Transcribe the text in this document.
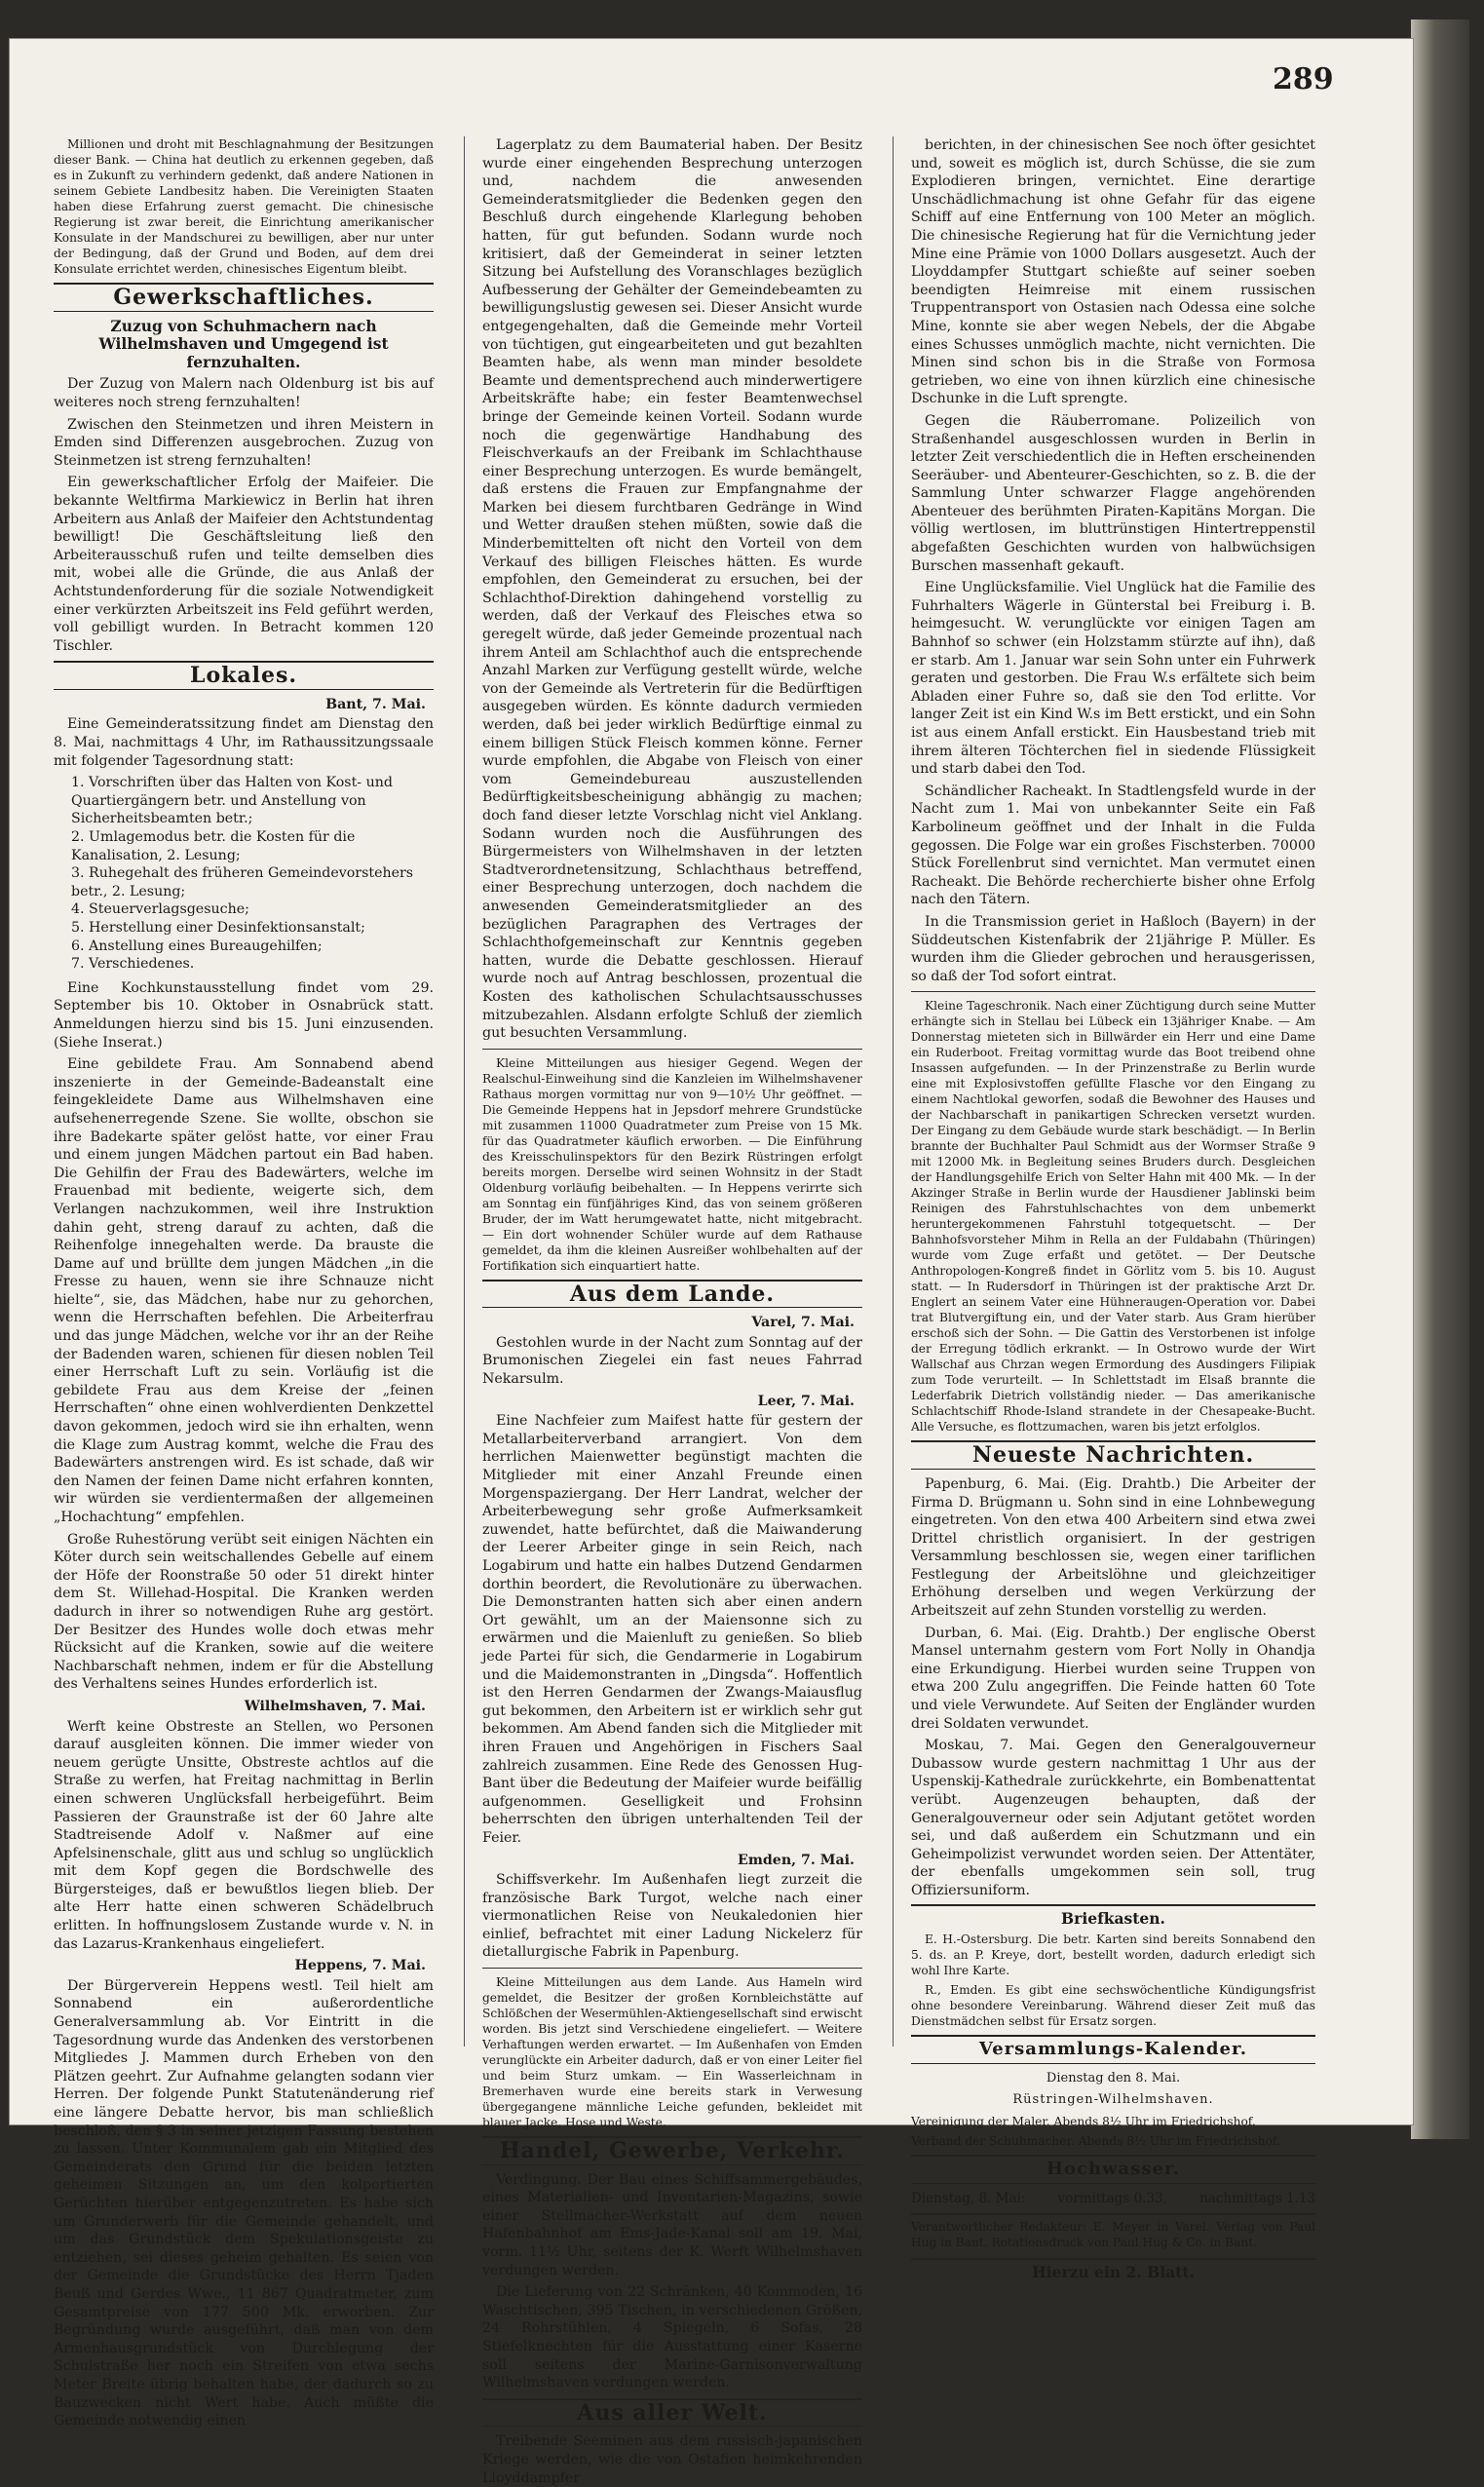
289

Millionen und droht mit Beschlagnahmung der Besitzungen dieser Bank. — China hat deutlich zu erkennen gegeben, daß es in Zukunft zu verhindern gedenkt, daß andere Nationen in seinem Gebiete Landbesitz haben. Die Vereinigten Staaten haben diese Erfahrung zuerst gemacht. Die chinesische Regierung ist zwar bereit, die Einrichtung amerikanischer Konsulate in der Mandschurei zu bewilligen, aber nur unter der Bedingung, daß der Grund und Boden, auf dem drei Konsulate errichtet werden, chinesisches Eigentum bleibt.

Gewerkschaftliches.
Zuzug von Schuhmachern nach Wilhelmshaven und Umgegend ist fernzuhalten.

Der Zuzug von Malern nach Oldenburg ist bis auf weiteres noch streng fernzuhalten!

Zwischen den Steinmetzen und ihren Meistern in Emden sind Differenzen ausgebrochen. Zuzug von Steinmetzen ist streng fernzuhalten!

Ein gewerkschaftlicher Erfolg der Maifeier. Die bekannte Weltfirma Markiewicz in Berlin hat ihren Arbeitern aus Anlaß der Maifeier den Achtstundentag bewilligt! Die Geschäftsleitung ließ den Arbeiterausschuß rufen und teilte demselben dies mit, wobei alle die Gründe, die aus Anlaß der Achtstundenforderung für die soziale Notwendigkeit einer verkürzten Arbeitszeit ins Feld geführt werden, voll gebilligt wurden. In Betracht kommen 120 Tischler.

Lokales.
Bant, 7. Mai.

Eine Gemeinderatssitzung findet am Dienstag den 8. Mai, nachmittags 4 Uhr, im Rathaussitzungssaale mit folgender Tagesordnung statt:

1. Vorschriften über das Halten von Kost- und Quartiergängern betr. und Anstellung von Sicherheitsbeamten betr.;
2. Umlagemodus betr. die Kosten für die Kanalisation, 2. Lesung;
3. Ruhegehalt des früheren Gemeindevorstehers betr., 2. Lesung;
4. Steuerverlagsgesuche;
5. Herstellung einer Desinfektionsanstalt;
6. Anstellung eines Bureaugehilfen;
7. Verschiedenes.

Eine Kochkunstausstellung findet vom 29. September bis 10. Oktober in Osnabrück statt. Anmeldungen hierzu sind bis 15. Juni einzusenden. (Siehe Inserat.)

Eine gebildete Frau. Am Sonnabend abend inszenierte in der Gemeinde-Badeanstalt eine feingekleidete Dame aus Wilhelmshaven eine aufsehenerregende Szene. Sie wollte, obschon sie ihre Badekarte später gelöst hatte, vor einer Frau und einem jungen Mädchen partout ein Bad haben. Die Gehilfin der Frau des Badewärters, welche im Frauenbad mit bediente, weigerte sich, dem Verlangen nachzukommen, weil ihre Instruktion dahin geht, streng darauf zu achten, daß die Reihenfolge innegehalten werde. Da brauste die Dame auf und brüllte dem jungen Mädchen „in die Fresse zu hauen, wenn sie ihre Schnauze nicht hielte“, sie, das Mädchen, habe nur zu gehorchen, wenn die Herrschaften befehlen. Die Arbeiterfrau und das junge Mädchen, welche vor ihr an der Reihe der Badenden waren, schienen für diesen noblen Teil einer Herrschaft Luft zu sein. Vorläufig ist die gebildete Frau aus dem Kreise der „feinen Herrschaften“ ohne einen wohlverdienten Denkzettel davon gekommen, jedoch wird sie ihn erhalten, wenn die Klage zum Austrag kommt, welche die Frau des Badewärters anstrengen wird. Es ist schade, daß wir den Namen der feinen Dame nicht erfahren konnten, wir würden sie verdientermaßen der allgemeinen „Hochachtung“ empfehlen.

Große Ruhestörung verübt seit einigen Nächten ein Köter durch sein weitschallendes Gebelle auf einem der Höfe der Roonstraße 50 oder 51 direkt hinter dem St. Willehad-Hospital. Die Kranken werden dadurch in ihrer so notwendigen Ruhe arg gestört. Der Besitzer des Hundes wolle doch etwas mehr Rücksicht auf die Kranken, sowie auf die weitere Nachbarschaft nehmen, indem er für die Abstellung des Verhaltens seines Hundes erforderlich ist.

Wilhelmshaven, 7. Mai.

Werft keine Obstreste an Stellen, wo Personen darauf ausgleiten können. Die immer wieder von neuem gerügte Unsitte, Obstreste achtlos auf die Straße zu werfen, hat Freitag nachmittag in Berlin einen schweren Unglücksfall herbeigeführt. Beim Passieren der Graunstraße ist der 60 Jahre alte Stadtreisende Adolf v. Naßmer auf eine Apfelsinenschale, glitt aus und schlug so unglücklich mit dem Kopf gegen die Bordschwelle des Bürgersteiges, daß er bewußtlos liegen blieb. Der alte Herr hatte einen schweren Schädelbruch erlitten. In hoffnungslosem Zustande wurde v. N. in das Lazarus-Krankenhaus eingeliefert.

Heppens, 7. Mai.

Der Bürgerverein Heppens westl. Teil hielt am Sonnabend ein außerordentliche Generalversammlung ab. Vor Eintritt in die Tagesordnung wurde das Andenken des verstorbenen Mitgliedes J. Mammen durch Erheben von den Plätzen geehrt. Zur Aufnahme gelangten sodann vier Herren. Der folgende Punkt Statutenänderung rief eine längere Debatte hervor, bis man schließlich beschloß, den § 3 in seiner jetzigen Fassung bestehen zu lassen. Unter Kommunalem gab ein Mitglied des Gemeinderats den Grund für die beiden letzten geheimen Sitzungen an, um den kolportierten Gerüchten hierüber entgegenzutreten. Es habe sich um Grunderwerb für die Gemeinde gehandelt, und um das Grundstück dem Spekulationsgeiste zu entziehen, sei dieses geheim gehalten. Es seien von der Gemeinde die Grundstücke des Herrn Tjaden Beuß und Gerdes Wwe., 11 867 Quadratmeter, zum Gesamtpreise von 177 500 Mk. erworben. Zur Begründung wurde ausgeführt, daß man von dem Armenhausgrundstück von Durchlegung der Schulstraße her noch ein Streifen von etwa sechs Meter Breite übrig behalten habe, der dadurch so zu Bauzwecken nicht Wert habe. Auch müßte die Gemeinde notwendig einen

Lagerplatz zu dem Baumaterial haben. Der Besitz wurde einer eingehenden Besprechung unterzogen und, nachdem die anwesenden Gemeinderatsmitglieder die Bedenken gegen den Beschluß durch eingehende Klarlegung behoben hatten, für gut befunden. Sodann wurde noch kritisiert, daß der Gemeinderat in seiner letzten Sitzung bei Aufstellung des Voranschlages bezüglich Aufbesserung der Gehälter der Gemeindebeamten zu bewilligungslustig gewesen sei. Dieser Ansicht wurde entgegengehalten, daß die Gemeinde mehr Vorteil von tüchtigen, gut eingearbeiteten und gut bezahlten Beamten habe, als wenn man minder besoldete Beamte und dementsprechend auch minderwertigere Arbeitskräfte habe; ein fester Beamtenwechsel bringe der Gemeinde keinen Vorteil. Sodann wurde noch die gegenwärtige Handhabung des Fleischverkaufs an der Freibank im Schlachthause einer Besprechung unterzogen. Es wurde bemängelt, daß erstens die Frauen zur Empfangnahme der Marken bei diesem furchtbaren Gedränge in Wind und Wetter draußen stehen müßten, sowie daß die Minderbemittelten oft nicht den Vorteil von dem Verkauf des billigen Fleisches hätten. Es wurde empfohlen, den Gemeinderat zu ersuchen, bei der Schlachthof-Direktion dahingehend vorstellig zu werden, daß der Verkauf des Fleisches etwa so geregelt würde, daß jeder Gemeinde prozentual nach ihrem Anteil am Schlachthof auch die entsprechende Anzahl Marken zur Verfügung gestellt würde, welche von der Gemeinde als Vertreterin für die Bedürftigen ausgegeben würden. Es könnte dadurch vermieden werden, daß bei jeder wirklich Bedürftige einmal zu einem billigen Stück Fleisch kommen könne. Ferner wurde empfohlen, die Abgabe von Fleisch von einer vom Gemeindebureau auszustellenden Bedürftigkeitsbescheinigung abhängig zu machen; doch fand dieser letzte Vorschlag nicht viel Anklang. Sodann wurden noch die Ausführungen des Bürgermeisters von Wilhelmshaven in der letzten Stadtverordnetensitzung, Schlachthaus betreffend, einer Besprechung unterzogen, doch nachdem die anwesenden Gemeinderatsmitglieder an des bezüglichen Paragraphen des Vertrages der Schlachthofgemeinschaft zur Kenntnis gegeben hatten, wurde die Debatte geschlossen. Hierauf wurde noch auf Antrag beschlossen, prozentual die Kosten des katholischen Schulachtsausschusses mitzubezahlen. Alsdann erfolgte Schluß der ziemlich gut besuchten Versammlung.

Kleine Mitteilungen aus hiesiger Gegend. Wegen der Realschul-Einweihung sind die Kanzleien im Wilhelmshavener Rathaus morgen vormittag nur von 9—10½ Uhr geöffnet. — Die Gemeinde Heppens hat in Jepsdorf mehrere Grundstücke mit zusammen 11000 Quadratmeter zum Preise von 15 Mk. für das Quadratmeter käuflich erworben. — Die Einführung des Kreisschulinspektors für den Bezirk Rüstringen erfolgt bereits morgen. Derselbe wird seinen Wohnsitz in der Stadt Oldenburg vorläufig beibehalten. — In Heppens verirrte sich am Sonntag ein fünfjähriges Kind, das von seinem größeren Bruder, der im Watt herumgewatet hatte, nicht mitgebracht. — Ein dort wohnender Schüler wurde auf dem Rathause gemeldet, da ihm die kleinen Ausreißer wohlbehalten auf der Fortifikation sich einquartiert hatte.

Aus dem Lande.
Varel, 7. Mai.

Gestohlen wurde in der Nacht zum Sonntag auf der Brumonischen Ziegelei ein fast neues Fahrrad Nekarsulm.

Leer, 7. Mai.

Eine Nachfeier zum Maifest hatte für gestern der Metallarbeiterverband arrangiert. Von dem herrlichen Maienwetter begünstigt machten die Mitglieder mit einer Anzahl Freunde einen Morgenspaziergang. Der Herr Landrat, welcher der Arbeiterbewegung sehr große Aufmerksamkeit zuwendet, hatte befürchtet, daß die Maiwanderung der Leerer Arbeiter ginge in sein Reich, nach Logabirum und hatte ein halbes Dutzend Gendarmen dorthin beordert, die Revolutionäre zu überwachen. Die Demonstranten hatten sich aber einen andern Ort gewählt, um an der Maiensonne sich zu erwärmen und die Maienluft zu genießen. So blieb jede Partei für sich, die Gendarmerie in Logabirum und die Maidemonstranten in „Dingsda“. Hoffentlich ist den Herren Gendarmen der Zwangs-Maiausflug gut bekommen, den Arbeitern ist er wirklich sehr gut bekommen. Am Abend fanden sich die Mitglieder mit ihren Frauen und Angehörigen in Fischers Saal zahlreich zusammen. Eine Rede des Genossen Hug-Bant über die Bedeutung der Maifeier wurde beifällig aufgenommen. Geselligkeit und Frohsinn beherrschten den übrigen unterhaltenden Teil der Feier.

Emden, 7. Mai.

Schiffsverkehr. Im Außenhafen liegt zurzeit die französische Bark Turgot, welche nach einer viermonatlichen Reise von Neukaledonien hier einlief, befrachtet mit einer Ladung Nickelerz für dietallurgische Fabrik in Papenburg.

Kleine Mitteilungen aus dem Lande. Aus Hameln wird gemeldet, die Besitzer der großen Kornbleichstätte auf Schlößchen der Wesermühlen-Aktiengesellschaft sind erwischt worden. Bis jetzt sind Verschiedene eingeliefert. — Weitere Verhaftungen werden erwartet. — Im Außenhafen von Emden verunglückte ein Arbeiter dadurch, daß er von einer Leiter fiel und beim Sturz umkam. — Ein Wasserleichnam in Bremerhaven wurde eine bereits stark in Verwesung übergegangene männliche Leiche gefunden, bekleidet mit blauer Jacke, Hose und Weste.

Handel, Gewerbe, Verkehr.

Verdingung. Der Bau eines Schiffsammergebäudes, eines Materialien- und Inventarien-Magazins, sowie einer Stellmacher-Werkstatt auf dem neuen Hafenbahnhof am Ems-Jade-Kanal soll am 19. Mai, vorm. 11½ Uhr, seitens der K. Werft Wilhelmshaven verdungen werden.

Die Lieferung von 22 Schränken, 40 Kommoden, 16 Waschtischen, 395 Tischen, in verschiedenen Größen, 24 Rohrstühlen, 4 Spiegeln, 6 Sofas, 28 Stiefelknechten für die Ausstattung einer Kaserne soll seitens der Marine-Garnisonverwaltung Wilhelmshaven verdungen werden.

Aus aller Welt.

Treibende Seeminen aus dem russisch-japanischen Kriege werden, wie die von Ostafien heimkehrenden Lloyddampfer

berichten, in der chinesischen See noch öfter gesichtet und, soweit es möglich ist, durch Schüsse, die sie zum Explodieren bringen, vernichtet. Eine derartige Unschädlichmachung ist ohne Gefahr für das eigene Schiff auf eine Entfernung von 100 Meter an möglich. Die chinesische Regierung hat für die Vernichtung jeder Mine eine Prämie von 1000 Dollars ausgesetzt. Auch der Lloyddampfer Stuttgart schießte auf seiner soeben beendigten Heimreise mit einem russischen Truppentransport von Ostasien nach Odessa eine solche Mine, konnte sie aber wegen Nebels, der die Abgabe eines Schusses unmöglich machte, nicht vernichten. Die Minen sind schon bis in die Straße von Formosa getrieben, wo eine von ihnen kürzlich eine chinesische Dschunke in die Luft sprengte.

Gegen die Räuberromane. Polizeilich von Straßenhandel ausgeschlossen wurden in Berlin in letzter Zeit verschiedentlich die in Heften erscheinenden Seeräuber- und Abenteurer-Geschichten, so z. B. die der Sammlung Unter schwarzer Flagge angehörenden Abenteuer des berühmten Piraten-Kapitäns Morgan. Die völlig wertlosen, im bluttrünstigen Hintertreppenstil abgefaßten Geschichten wurden von halbwüchsigen Burschen massenhaft gekauft.

Eine Unglücksfamilie. Viel Unglück hat die Familie des Fuhrhalters Wägerle in Günterstal bei Freiburg i. B. heimgesucht. W. verunglückte vor einigen Tagen am Bahnhof so schwer (ein Holzstamm stürzte auf ihn), daß er starb. Am 1. Januar war sein Sohn unter ein Fuhrwerk geraten und gestorben. Die Frau W.s erfältete sich beim Abladen einer Fuhre so, daß sie den Tod erlitte. Vor langer Zeit ist ein Kind W.s im Bett erstickt, und ein Sohn ist aus einem Anfall erstickt. Ein Hausbestand trieb mit ihrem älteren Töchterchen fiel in siedende Flüssigkeit und starb dabei den Tod.

Schändlicher Racheakt. In Stadtlengsfeld wurde in der Nacht zum 1. Mai von unbekannter Seite ein Faß Karbolineum geöffnet und der Inhalt in die Fulda gegossen. Die Folge war ein großes Fischsterben. 70000 Stück Forellenbrut sind vernichtet. Man vermutet einen Racheakt. Die Behörde recherchierte bisher ohne Erfolg nach den Tätern.

In die Transmission geriet in Haßloch (Bayern) in der Süddeutschen Kistenfabrik der 21jährige P. Müller. Es wurden ihm die Glieder gebrochen und herausgerissen, so daß der Tod sofort eintrat.

Kleine Tageschronik. Nach einer Züchtigung durch seine Mutter erhängte sich in Stellau bei Lübeck ein 13jähriger Knabe. — Am Donnerstag mieteten sich in Billwärder ein Herr und eine Dame ein Ruderboot. Freitag vormittag wurde das Boot treibend ohne Insassen aufgefunden. — In der Prinzenstraße zu Berlin wurde eine mit Explosivstoffen gefüllte Flasche vor den Eingang zu einem Nachtlokal geworfen, sodaß die Bewohner des Hauses und der Nachbarschaft in panikartigen Schrecken versetzt wurden. Der Eingang zu dem Gebäude wurde stark beschädigt. — In Berlin brannte der Buchhalter Paul Schmidt aus der Wormser Straße 9 mit 12000 Mk. in Begleitung seines Bruders durch. Desgleichen der Handlungsgehilfe Erich von Selter Hahn mit 400 Mk. — In der Akzinger Straße in Berlin wurde der Hausdiener Jablinski beim Reinigen des Fahrstuhlschachtes von dem unbemerkt heruntergekommenen Fahrstuhl totgequetscht. — Der Bahnhofsvorsteher Mihm in Rella an der Fuldabahn (Thüringen) wurde vom Zuge erfaßt und getötet. — Der Deutsche Anthropologen-Kongreß findet in Görlitz vom 5. bis 10. August statt. — In Rudersdorf in Thüringen ist der praktische Arzt Dr. Englert an seinem Vater eine Hühneraugen-Operation vor. Dabei trat Blutvergiftung ein, und der Vater starb. Aus Gram hierüber erschoß sich der Sohn. — Die Gattin des Verstorbenen ist infolge der Erregung tödlich erkrankt. — In Ostrowo wurde der Wirt Wallschaf aus Chrzan wegen Ermordung des Ausdingers Filipiak zum Tode verurteilt. — In Schlettstadt im Elsaß brannte die Lederfabrik Dietrich vollständig nieder. — Das amerikanische Schlachtschiff Rhode-Island strandete in der Chesapeake-Bucht. Alle Versuche, es flottzumachen, waren bis jetzt erfolglos.

Neueste Nachrichten.

Papenburg, 6. Mai. (Eig. Drahtb.) Die Arbeiter der Firma D. Brügmann u. Sohn sind in eine Lohnbewegung eingetreten. Von den etwa 400 Arbeitern sind etwa zwei Drittel christlich organisiert. In der gestrigen Versammlung beschlossen sie, wegen einer tariflichen Festlegung der Arbeitslöhne und gleichzeitiger Erhöhung derselben und wegen Verkürzung der Arbeitszeit auf zehn Stunden vorstellig zu werden.

Durban, 6. Mai. (Eig. Drahtb.) Der englische Oberst Mansel unternahm gestern vom Fort Nolly in Ohandja eine Erkundigung. Hierbei wurden seine Truppen von etwa 200 Zulu angegriffen. Die Feinde hatten 60 Tote und viele Verwundete. Auf Seiten der Engländer wurden drei Soldaten verwundet.

Moskau, 7. Mai. Gegen den Generalgouverneur Dubassow wurde gestern nachmittag 1 Uhr aus der Uspenskij-Kathedrale zurückkehrte, ein Bombenattentat verübt. Augenzeugen behaupten, daß der Generalgouverneur oder sein Adjutant getötet worden sei, und daß außerdem ein Schutzmann und ein Geheimpolizist verwundet worden seien. Der Attentäter, der ebenfalls umgekommen sein soll, trug Offiziersuniform.

Briefkasten.

E. H.-Ostersburg. Die betr. Karten sind bereits Sonnabend den 5. ds. an P. Kreye, dort, bestellt worden, dadurch erledigt sich wohl Ihre Karte.

R., Emden. Es gibt eine sechswöchentliche Kündigungsfrist ohne besondere Vereinbarung. Während dieser Zeit muß das Dienstmädchen selbst für Ersatz sorgen.

Versammlungs-Kalender.
Dienstag den 8. Mai.
Rüstringen-Wilhelmshaven.

Vereinigung der Maler. Abends 8½ Uhr im Friedrichshof.

Verband der Schuhmacher. Abends 8½ Uhr im Friedrichshof.

Hochwasser.
Dienstag, 8. Mai: vormittags 0.33, nachmittags 1.13

Verantwortlicher Redakteur: E. Meyer in Varel. Verlag von Paul Hug in Bant. Rotationsdruck von Paul Hug & Co. in Bant.

Hierzu ein 2. Blatt.
